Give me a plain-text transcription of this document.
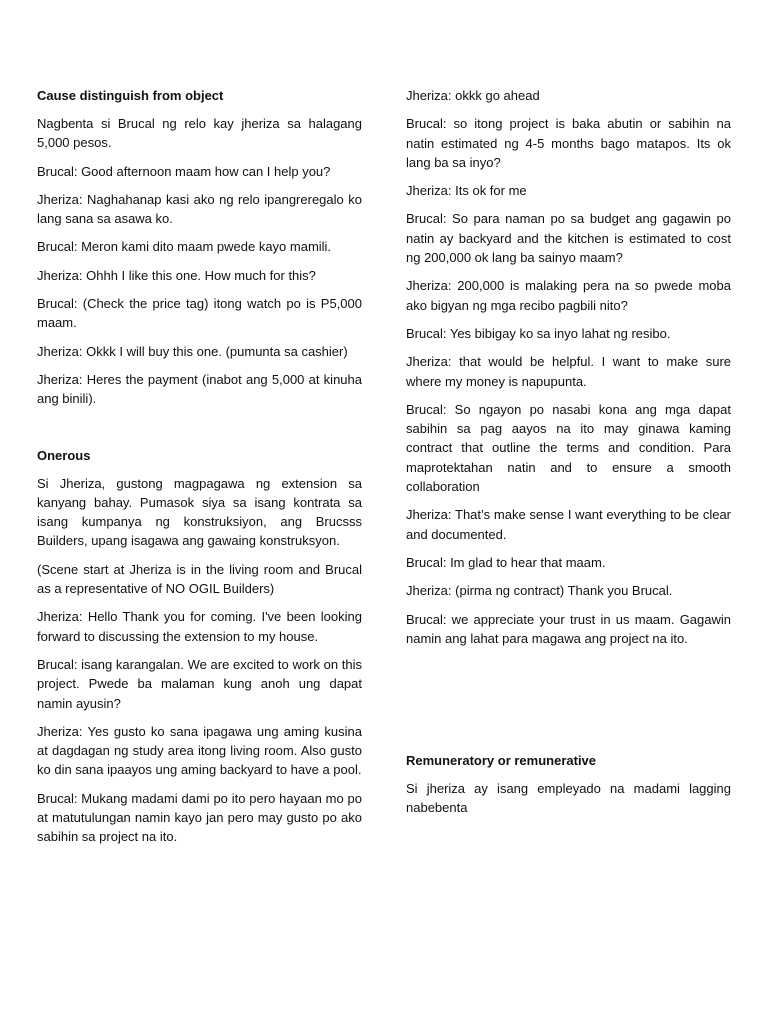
Cause distinguish from object
Nagbenta si Brucal ng relo kay jheriza sa halagang 5,000 pesos.
Brucal: Good afternoon maam how can I help you?
Jheriza: Naghahanap kasi ako ng relo ipangreregalo ko lang sana sa asawa ko.
Brucal: Meron kami dito maam pwede kayo mamili.
Jheriza: Ohhh I like this one. How much for this?
Brucal: (Check the price tag) itong watch po is P5,000 maam.
Jheriza: Okkk I will buy this one. (pumunta sa cashier)
Jheriza: Heres the payment (inabot ang 5,000 at kinuha ang binili).
Onerous
Si Jheriza, gustong magpagawa ng extension sa kanyang bahay. Pumasok siya sa isang kontrata sa isang kumpanya ng konstruksiyon, ang Brucsss Builders, upang isagawa ang gawaing konstruksyon.
(Scene start at Jheriza is in the living room and Brucal as a representative of NO OGIL Builders)
Jheriza: Hello Thank you for coming. I've been looking forward to discussing the extension to my house.
Brucal: isang karangalan. We are excited to work on this project. Pwede ba malaman kung anoh ung dapat namin ayusin?
Jheriza: Yes gusto ko sana ipagawa ung aming kusina at dagdagan ng study area itong living room. Also gusto ko din sana ipaayos ung aming backyard to have a pool.
Brucal: Mukang madami dami po ito pero hayaan mo po at matutulungan namin kayo jan pero may gusto po ako sabihin sa project na ito.
Jheriza: okkk go ahead
Brucal: so itong project is baka abutin or sabihin na natin estimated ng 4-5 months bago matapos. Its ok lang ba sa inyo?
Jheriza: Its ok for me
Brucal: So para naman po sa budget ang gagawin po natin ay backyard and the kitchen is estimated to cost ng 200,000 ok lang ba sainyo maam?
Jheriza: 200,000 is malaking pera na so pwede moba ako bigyan ng mga recibo pagbili nito?
Brucal: Yes bibigay ko sa inyo lahat ng resibo.
Jheriza: that would be helpful. I want to make sure where my money is napupunta.
Brucal: So ngayon po nasabi kona ang mga dapat sabihin sa pag aayos na ito may ginawa kaming contract that outline the terms and condition. Para maprotektahan natin and to ensure a smooth collaboration
Jheriza: That’s make sense I want everything to be clear and documented.
Brucal: Im glad to hear that maam.
Jheriza: (pirma ng contract) Thank you Brucal.
Brucal: we appreciate your trust in us maam. Gagawin namin ang lahat para magawa ang project na ito.
Remuneratory or remunerative
Si jheriza ay isang empleyado na madami lagging nabebenta
